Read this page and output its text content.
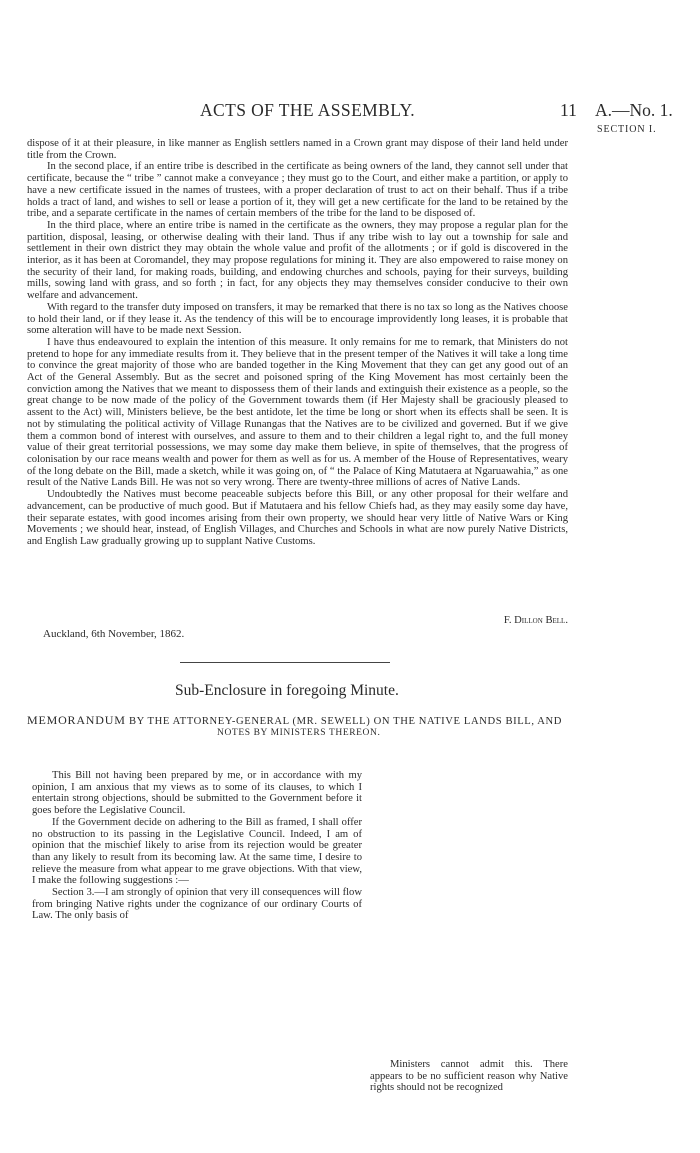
ACTS OF THE ASSEMBLY.	11 A.—No. 1.
SECTION I.

dispose of it at their pleasure, in like manner as English settlers named in a Crown grant may dispose of their land held under title from the Crown.

In the second place, if an entire tribe is described in the certificate as being owners of the land, they cannot sell under that certificate, because the “ tribe ” cannot make a conveyance ; they must go to the Court, and either make a partition, or apply to have a new certificate issued in the names of trustees, with a proper declaration of trust to act on their behalf. Thus if a tribe holds a tract of land, and wishes to sell or lease a portion of it, they will get a new certificate for the land to be retained by the tribe, and a separate certificate in the names of certain members of the tribe for the land to be disposed of.

In the third place, where an entire tribe is named in the certificate as the owners, they may propose a regular plan for the partition, disposal, leasing, or otherwise dealing with their land. Thus if any tribe wish to lay out a township for sale and settlement in their own district they may obtain the whole value and profit of the allotments ; or if gold is discovered in the interior, as it has been at Coromandel, they may propose regulations for mining it. They are also empowered to raise money on the security of their land, for making roads, building, and endowing churches and schools, paying for their surveys, building mills, sowing land with grass, and so forth ; in fact, for any objects they may themselves consider conducive to their own welfare and advancement.

With regard to the transfer duty imposed on transfers, it may be remarked that there is no tax so long as the Natives choose to hold their land, or if they lease it. As the tendency of this will be to encourage improvidently long leases, it is probable that some alteration will have to be made next Session.

I have thus endeavoured to explain the intention of this measure. It only remains for me to remark, that Ministers do not pretend to hope for any immediate results from it. They believe that in the present temper of the Natives it will take a long time to convince the great majority of those who are banded together in the King Movement that they can get any good out of an Act of the General Assembly. But as the secret and poisoned spring of the King Movement has most certainly been the conviction among the Natives that we meant to dispossess them of their lands and extinguish their existence as a people, so the great change to be now made of the policy of the Government towards them (if Her Majesty shall be graciously pleased to assent to the Act) will, Ministers believe, be the best antidote, let the time be long or short when its effects shall be seen. It is not by stimulating the political activity of Village Runangas that the Natives are to be civilized and governed. But if we give them a common bond of interest with ourselves, and assure to them and to their children a legal right to, and the full money value of their great territorial possessions, we may some day make them believe, in spite of themselves, that the progress of colonisation by our race means wealth and power for them as well as for us. A member of the House of Representatives, weary of the long debate on the Bill, made a sketch, while it was going on, of “ the Palace of King Matutaera at Ngaruawahia,” as one result of the Native Lands Bill. He was not so very wrong. There are twenty-three millions of acres of Native Lands.

Undoubtedly the Natives must become peaceable subjects before this Bill, or any other proposal for their welfare and advancement, can be productive of much good. But if Matutaera and his fellow Chiefs had, as they may easily some day have, their separate estates, with good incomes arising from their own property, we should hear very little of Native Wars or King Movements ; we should hear, instead, of English Villages, and Churches and Schools in what are now purely Native Districts, and English Law gradually growing up to supplant Native Customs.

F. Dillon Bell.
Auckland, 6th November, 1862.
Sub-Enclosure in foregoing Minute.
MEMORANDUM BY THE ATTORNEY-GENERAL (MR. SEWELL) ON THE NATIVE LANDS BILL, AND
NOTES BY MINISTERS THEREON.

This Bill not having been prepared by me, or in accordance with my opinion, I am anxious that my views as to some of its clauses, to which I entertain strong objections, should be submitted to the Government before it goes before the Legislative Council.

If the Government decide on adhering to the Bill as framed, I shall offer no obstruction to its passing in the Legislative Council. Indeed, I am of opinion that the mischief likely to arise from its rejection would be greater than any likely to result from its becoming law. At the same time, I desire to relieve the measure from what appear to me grave objections. With that view, I make the following suggestions :—

Section 3.—I am strongly of opinion that very ill consequences will flow from bringing Native rights under the cognizance of our ordinary Courts of Law. The only basis of

Ministers cannot admit this. There appears to be no sufficient reason why Native rights should not be recognized
